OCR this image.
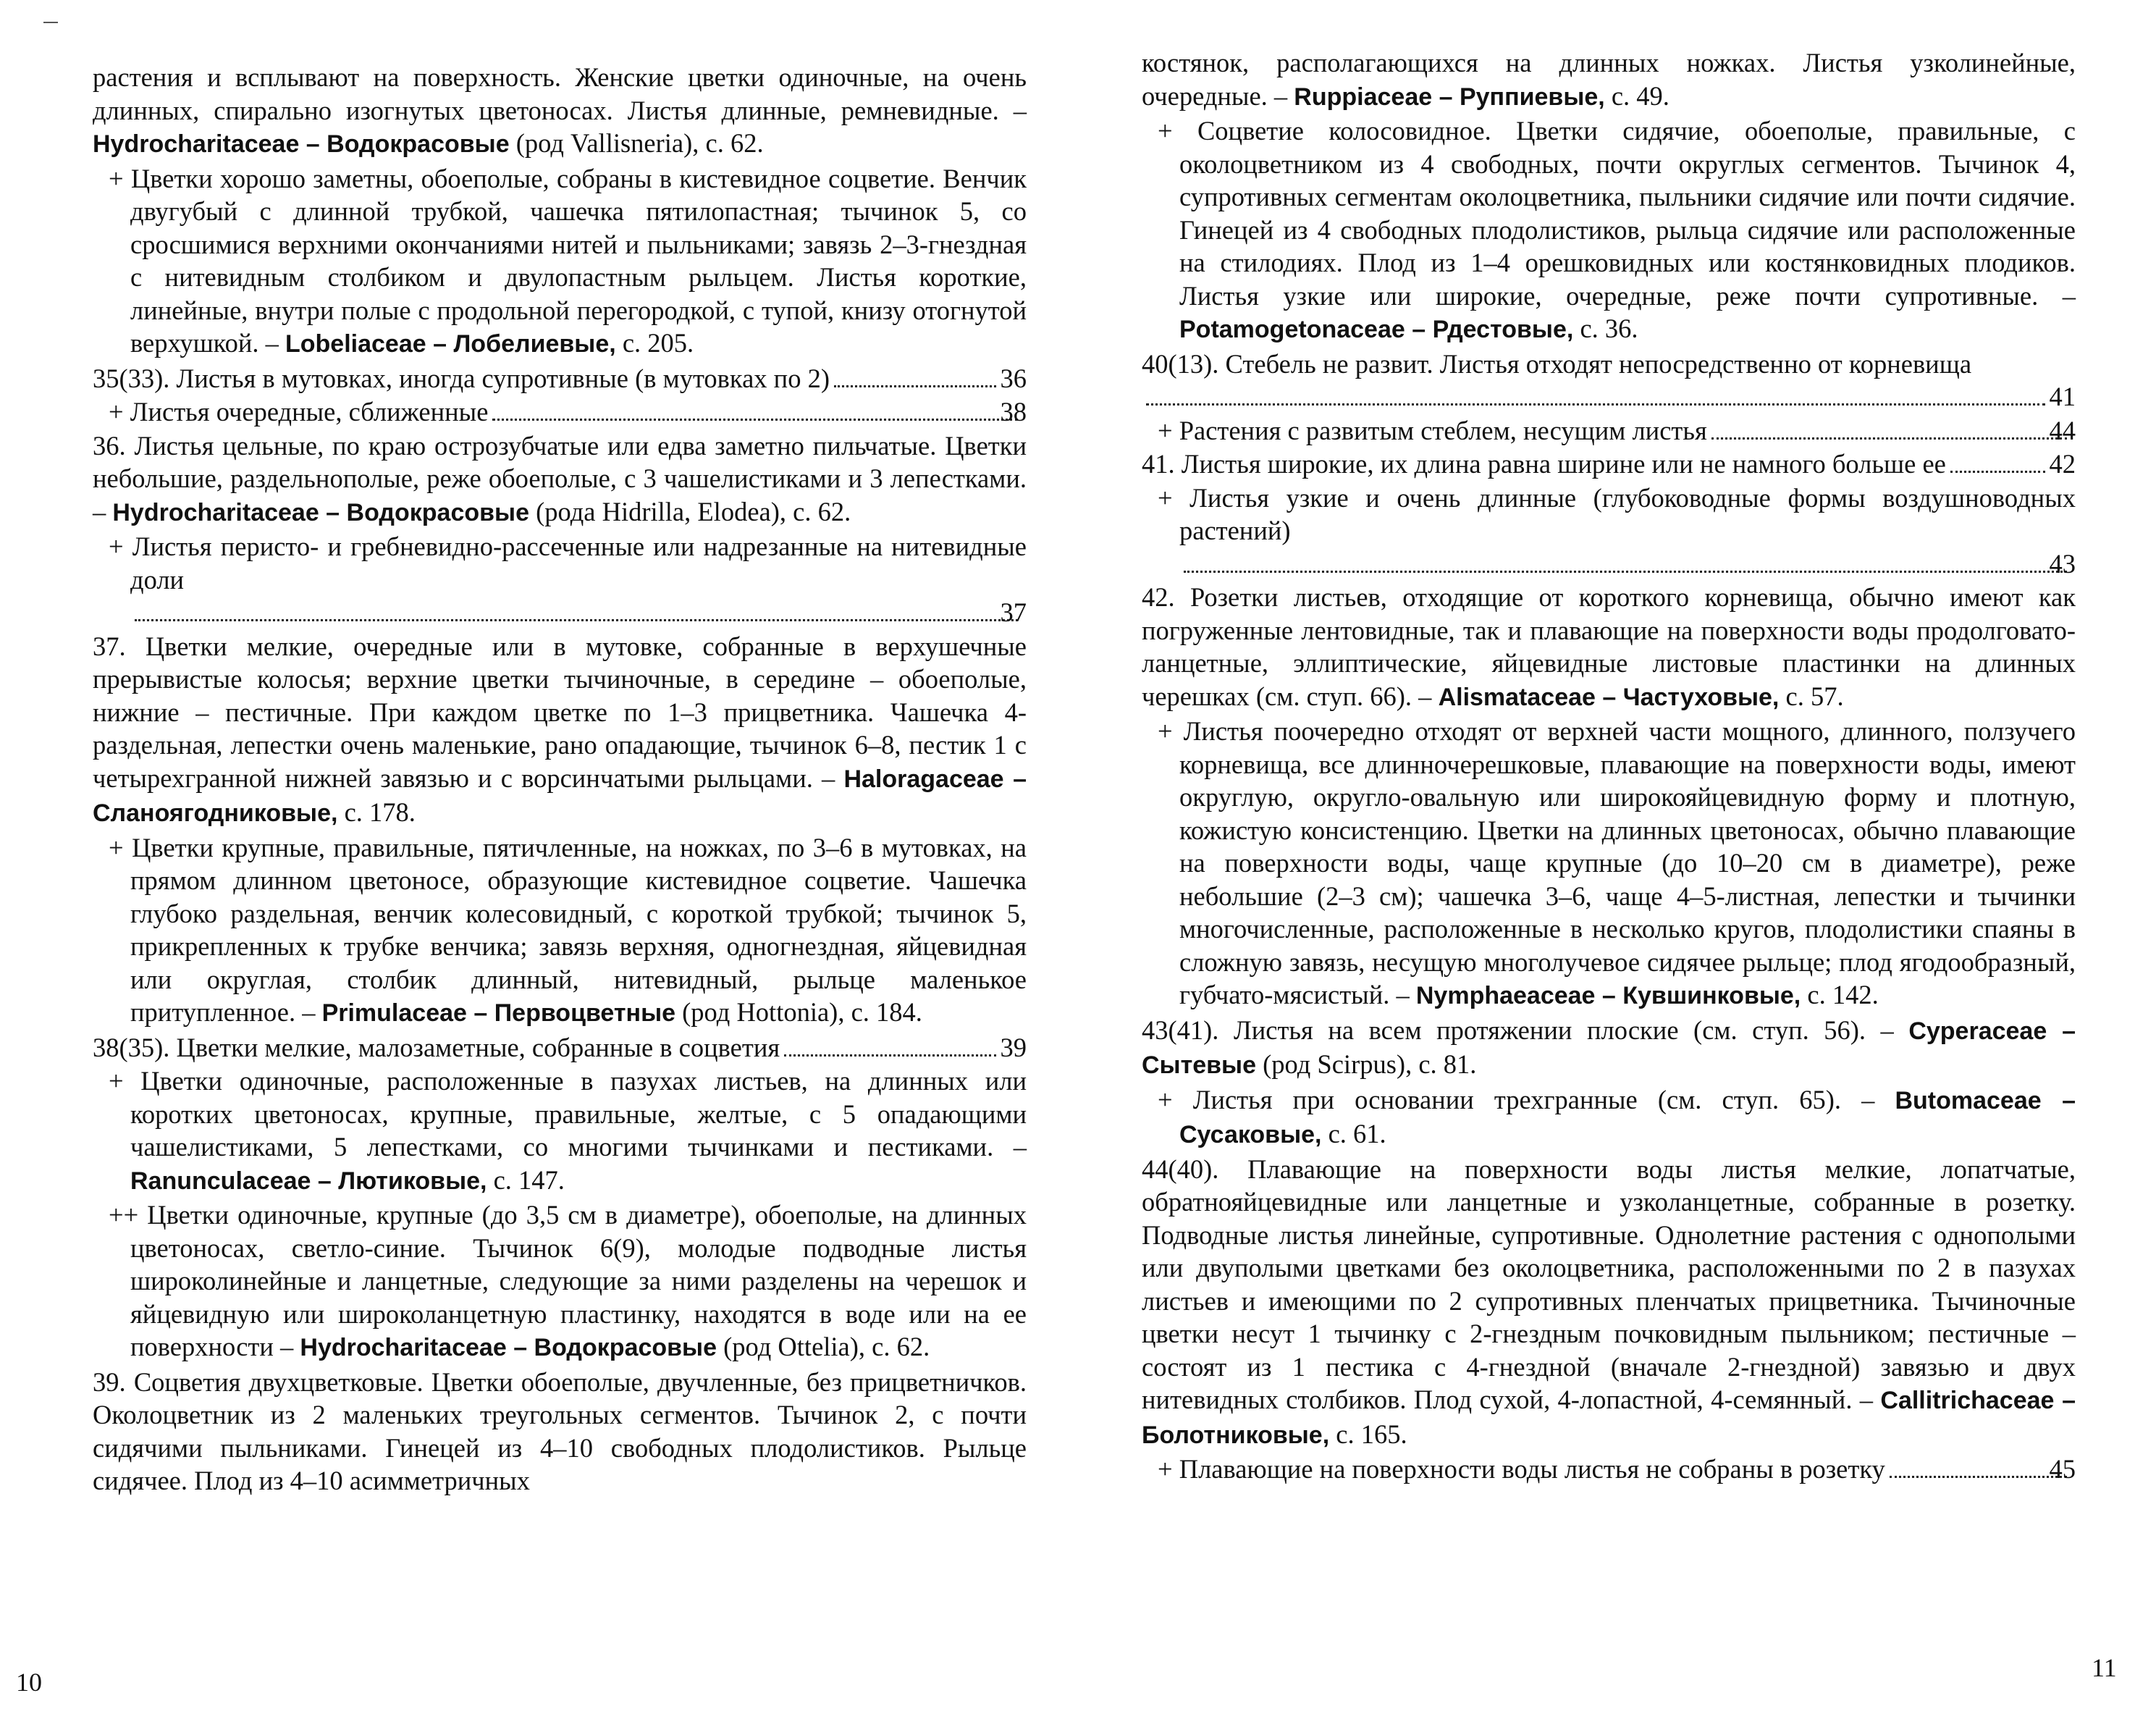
растения и всплывают на поверхность. Женские цветки одиночные, на очень длинных, спирально изогнутых цветоносах. Листья длинные, ремневидные. – Hydrocharitaceae – Водокрасовые (род Vallisneria), с. 62.
+ Цветки хорошо заметны, обоеполые, собраны в кистевидное соцветие. Венчик двугубый с длинной трубкой, чашечка пятилопастная; тычинок 5, со сросшимися верхними окончаниями нитей и пыльниками; завязь 2–3-гнездная с нитевидным столбиком и двулопастным рыльцем. Листья короткие, линейные, внутри полые с продольной перегородкой, с тупой, книзу отогнутой верхушкой. – Lobeliaceae – Лобелиевые, с. 205.
35(33). Листья в мутовках, иногда супротивные (в мутовках по 2)	36
+ Листья очередные, сближенные	38
36. Листья цельные, по краю острозубчатые или едва заметно пильчатые. Цветки небольшие, раздельнополые, реже обоеполые, с 3 чашелистиками и 3 лепестками. – Hydrocharitaceae – Водокрасовые (рода Hidrilla, Elodea), с. 62.
+ Листья перисто- и гребневидно-рассеченные или надрезанные на нитевидные доли
37
37. Цветки мелкие, очередные или в мутовке, собранные в верхушечные прерывистые колосья; верхние цветки тычиночные, в середине – обоеполые, нижние – пестичные. При каждом цветке по 1–3 прицветника. Чашечка 4-раздельная, лепестки очень маленькие, рано опадающие, тычинок 6–8, пестик 1 с четырехгранной нижней завязью и с ворсинчатыми рыльцами. – Haloragaceae – Сланоягодниковые, с. 178.
+ Цветки крупные, правильные, пятичленные, на ножках, по 3–6 в мутовках, на прямом длинном цветоносе, образующие кистевидное соцветие. Чашечка глубоко раздельная, венчик колесовидный, с короткой трубкой; тычинок 5, прикрепленных к трубке венчика; завязь верхняя, одногнездная, яйцевидная или округлая, столбик длинный, нитевидный, рыльце маленькое притупленное. – Primulaceae – Первоцветные (род Hottonia), с. 184.
38(35). Цветки мелкие, малозаметные, собранные в соцветия	39
+ Цветки одиночные, расположенные в пазухах листьев, на длинных или коротких цветоносах, крупные, правильные, желтые, с 5 опадающими чашелистиками, 5 лепестками, со многими тычинками и пестиками. – Ranunculaceae – Лютиковые, с. 147.
++ Цветки одиночные, крупные (до 3,5 см в диаметре), обоеполые, на длинных цветоносах, светло-синие. Тычинок 6(9), молодые подводные листья широколинейные и ланцетные, следующие за ними разделены на черешок и яйцевидную или широколанцетную пластинку, находятся в воде или на ее поверхности – Hydrocharitaceae – Водокрасовые (род Ottelia), с. 62.
39. Соцветия двухцветковые. Цветки обоеполые, двучленные, без прицветничков. Околоцветник из 2 маленьких треугольных сегментов. Тычинок 2, с почти сидячими пыльниками. Гинецей из 4–10 свободных плодолистиков. Рыльце сидячее. Плод из 4–10 асимметричных
10
костянок, располагающихся на длинных ножках. Листья узколинейные, очередные. – Ruppiaceae – Руппиевые, с. 49.
+ Соцветие колосовидное. Цветки сидячие, обоеполые, правильные, с околоцветником из 4 свободных, почти округлых сегментов. Тычинок 4, супротивных сегментам околоцветника, пыльники сидячие или почти сидячие. Гинецей из 4 свободных плодолистиков, рыльца сидячие или расположенные на стилодиях. Плод из 1–4 орешковидных или костянковидных плодиков. Листья узкие или широкие, очередные, реже почти супротивные. – Potamogetonaceae – Рдестовые, с. 36.
40(13). Стебель не развит. Листья отходят непосредственно от корневища
41
+ Растения с развитым стеблем, несущим листья	44
41. Листья широкие, их длина равна ширине или не намного больше ее	42
+ Листья узкие и очень длинные (глубоководные формы воздушноводных растений)
43
42. Розетки листьев, отходящие от короткого корневища, обычно имеют как погруженные лентовидные, так и плавающие на поверхности воды продолговато-ланцетные, эллиптические, яйцевидные листовые пластинки на длинных черешках (см. ступ. 66). – Alismataceae – Частуховые, с. 57.
+ Листья поочередно отходят от верхней части мощного, длинного, ползучего корневища, все длинночерешковые, плавающие на поверхности воды, имеют округлую, округло-овальную или широкояйцевидную форму и плотную, кожистую консистенцию. Цветки на длинных цветоносах, обычно плавающие на поверхности воды, чаще крупные (до 10–20 см в диаметре), реже небольшие (2–3 см); чашечка 3–6, чаще 4–5-листная, лепестки и тычинки многочисленные, расположенные в несколько кругов, плодолистики спаяны в сложную завязь, несущую многолучевое сидячее рыльце; плод ягодообразный, губчато-мясистый. – Nymphaeaceae – Кувшинковые, с. 142.
43(41). Листья на всем протяжении плоские (см. ступ. 56). – Cyperaceae – Сытевые (род Scirpus), с. 81.
+ Листья при основании трехгранные (см. ступ. 65). – Butomaceae – Сусаковые, с. 61.
44(40). Плавающие на поверхности воды листья мелкие, лопатчатые, обратнояйцевидные или ланцетные и узколанцетные, собранные в розетку. Подводные листья линейные, супротивные. Однолетние растения с однополыми или двуполыми цветками без околоцветника, расположенными по 2 в пазухах листьев и имеющими по 2 супротивных пленчатых прицветника. Тычиночные цветки несут 1 тычинку с 2-гнездным почковидным пыльником; пестичные – состоят из 1 пестика с 4-гнездной (вначале 2-гнездной) завязью и двух нитевидных столбиков. Плод сухой, 4-лопастной, 4-семянный. – Callitrichaceae – Болотниковые, с. 165.
+ Плавающие на поверхности воды листья не собраны в розетку	45
11
